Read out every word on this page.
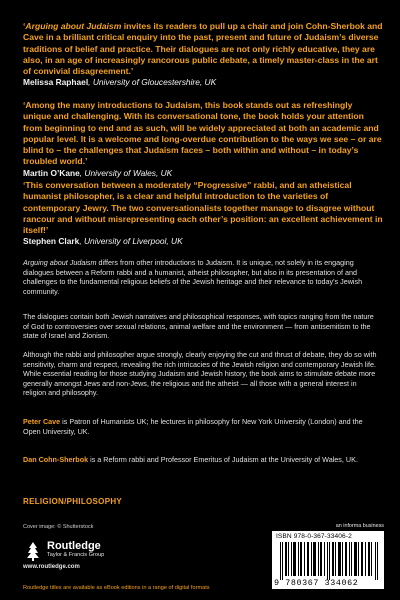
‘Arguing about Judaism invites its readers to pull up a chair and join Cohn-Sherbok and Cave in a brilliant critical enquiry into the past, present and future of Judaism’s diverse traditions of belief and practice. Their dialogues are not only richly educative, they are also, in an age of increasingly rancorous public debate, a timely master-class in the art of convivial disagreement.’
Melissa Raphael, University of Gloucestershire, UK
‘Among the many introductions to Judaism, this book stands out as refreshingly unique and challenging. With its conversational tone, the book holds your attention from beginning to end and as such, will be widely appreciated at both an academic and popular level. It is a welcome and long-overdue contribution to the ways we see – or are blind to – the challenges that Judaism faces – both within and without – in today’s troubled world.’
Martin O’Kane, University of Wales, UK
‘This conversation between a moderately “Progressive” rabbi, and an atheistical humanist philosopher, is a clear and helpful introduction to the varieties of contemporary Jewry. The two conversationalists together manage to disagree without rancour and without misrepresenting each other’s position: an excellent achievement in itself!’
Stephen Clark, University of Liverpool, UK
Arguing about Judaism differs from other introductions to Judaism. It is unique, not solely in its engaging dialogues between a Reform rabbi and a humanist, atheist philosopher, but also in its presentation of and challenges to the fundamental religious beliefs of the Jewish heritage and their relevance to today’s Jewish community.
The dialogues contain both Jewish narratives and philosophical responses, with topics ranging from the nature of God to controversies over sexual relations, animal welfare and the environment — from antisemitism to the state of Israel and Zionism.
Although the rabbi and philosopher argue strongly, clearly enjoying the cut and thrust of debate, they do so with sensitivity, charm and respect, revealing the rich intricacies of the Jewish religion and contemporary Jewish life. While essential reading for those studying Judaism and Jewish history, the book aims to stimulate debate more generally amongst Jews and non-Jews, the religious and the atheist — all those with a general interest in religion and philosophy.
Peter Cave is Patron of Humanists UK; he lectures in philosophy for New York University (London) and the Open University, UK.
Dan Cohn-Sherbok is a Reform rabbi and Professor Emeritus of Judaism at the University of Wales, UK.
RELIGION/PHILOSOPHY
Cover image: © Shutterstock
Routledge
Taylor & Francis Group
www.routledge.com
an informa business
ISBN 978-0-367-33406-2
9 780367 334062
Routledge titles are available as eBook editions in a range of digital formats
